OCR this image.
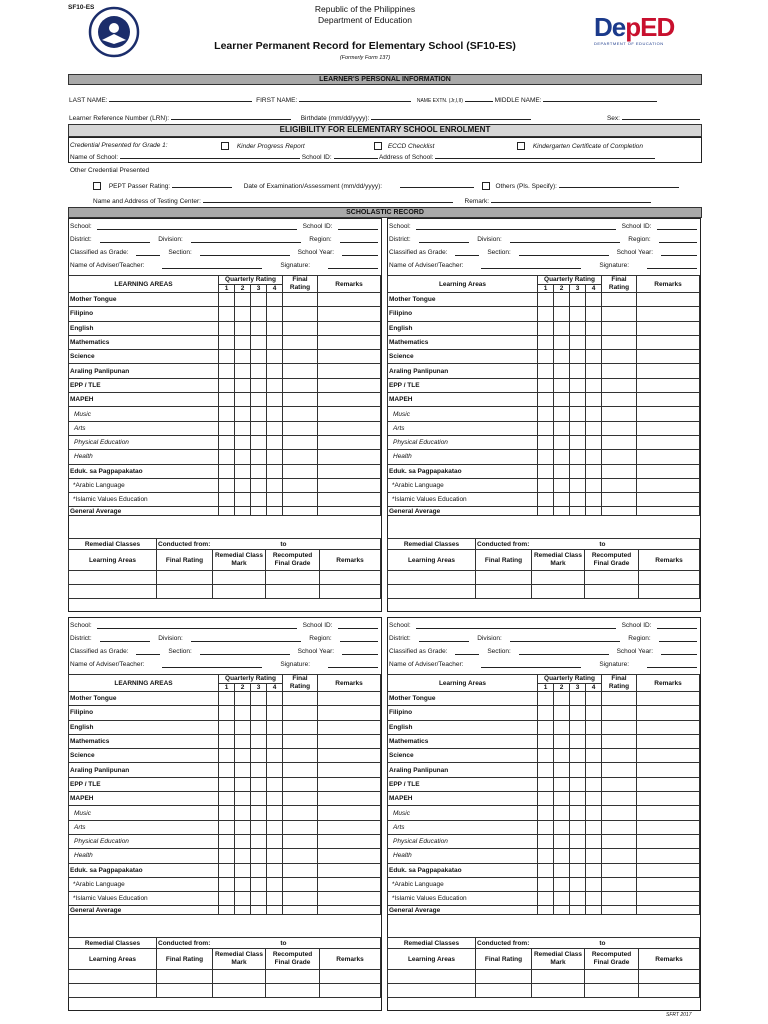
SF10-ES	Republic of the Philippines
Department of Education
Learner Permanent Record for Elementary School (SF10-ES)
(Formerly Form 137)
DepED
DEPARTMENT OF EDUCATION
LEARNER'S PERSONAL INFORMATION
LAST NAME:	FIRST NAME:	NAME EXTN. (Jr,I,II)	MIDDLE NAME:
Learner Reference Number (LRN):	Birthdate (mm/dd/yyyy):	Sex:
ELIGIBILITY FOR ELEMENTARY SCHOOL ENROLMENT
Credential Presented for Grade 1:	Kinder Progress Report	ECCD Checklist	Kindergarten Certificate of Completion
Name of School:	School ID:	Address of School:
Other Credential Presented
PEPT Passer Rating:	Date of Examination/Assessment (mm/dd/yyyy):	Others (Pls. Specify):
Name and Address of Testing Center:	Remark:
SCHOLASTIC RECORD
School:	School ID:
District:	Division:	Region:
Classified as Grade:	Section:	School Year:
Name of Adviser/Teacher:	Signature:
LEARNING AREAS	Quarterly Rating				Final Rating	Remarks
	1	2	3	4		
Mother Tongue						
Filipino						
English						
Mathematics						
Science						
Araling Panlipunan						
EPP / TLE						
MAPEH						
Music						
Arts						
Physical Education						
Health						
Eduk. sa Pagpapakatao						
*Arabic Language						
*Islamic Values Education						
General Average						
Remedial Classes	Conducted from: to			
Learning Areas	Final Rating	Remedial Class Mark	Recomputed Final Grade	Remarks

School:	School ID:
District:	Division:	Region:
Classified as Grade:	Section:	School Year:
Name of Adviser/Teacher:	Signature:
Learning Areas	Quarterly Rating				Final Rating	Remarks
	1	2	3	4		
Mother Tongue						
Filipino						
English						
Mathematics						
Science						
Araling Panlipunan						
EPP / TLE						
MAPEH						
Music						
Arts						
Physical Education						
Health						
Eduk. sa Pagpapakatao						
*Arabic Language						
*Islamic Values Education						
General Average						
Remedial Classes	Conducted from: to			
Learning Areas	Final Rating	Remedial Class Mark	Recomputed Final Grade	Remarks

School:	School ID:
District:	Division:	Region:
Classified as Grade:	Section:	School Year:
Name of Adviser/Teacher:	Signature:
LEARNING AREAS	Quarterly Rating				Final Rating	Remarks
	1	2	3	4		
Mother Tongue						
Filipino						
English						
Mathematics						
Science						
Araling Panlipunan						
EPP / TLE						
MAPEH						
Music						
Arts						
Physical Education						
Health						
Eduk. sa Pagpapakatao						
*Arabic Language						
*Islamic Values Education						
General Average						
Remedial Classes	Conducted from: to			
Learning Areas	Final Rating	Remedial Class Mark	Recomputed Final Grade	Remarks

School:	School ID:
District:	Division:	Region:
Classified as Grade:	Section:	School Year:
Name of Adviser/Teacher:	Signature:
Learning Areas	Quarterly Rating				Final Rating	Remarks
	1	2	3	4		
Mother Tongue						
Filipino						
English						
Mathematics						
Science						
Araling Panlipunan						
EPP / TLE						
MAPEH						
Music						
Arts						
Physical Education						
Health						
Eduk. sa Pagpapakatao						
*Arabic Language						
*Islamic Values Education						
General Average						
Remedial Classes	Conducted from: to			
Learning Areas	Final Rating	Remedial Class Mark	Recomputed Final Grade	Remarks

SFRT 2017
